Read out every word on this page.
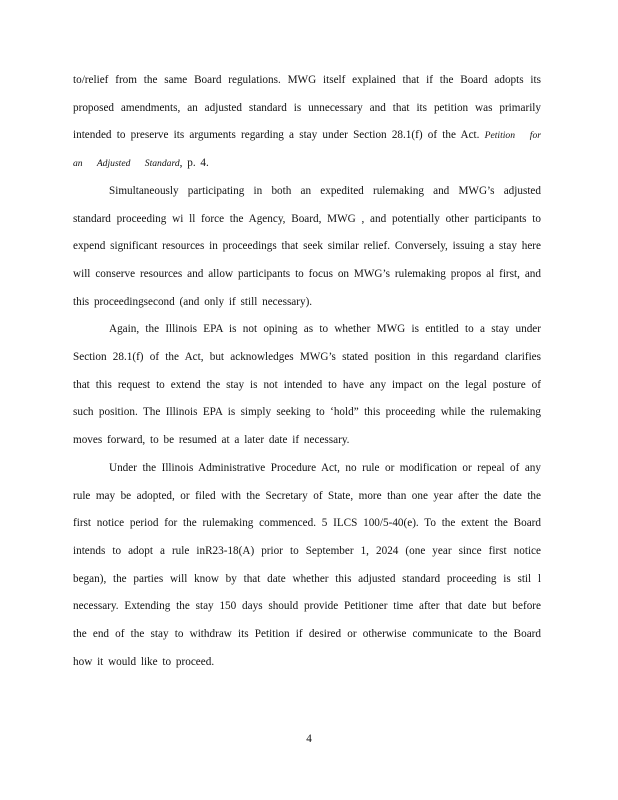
to/relief from the same Board regulations. MWG itself explained that if the Board adopts its proposed amendments, an adjusted standard is unnecessary and that its petition was primarily intended to preserve its arguments regarding a stay under Section 28.1(f) of the Act. Petition for an Adjusted Standard, p. 4.

Simultaneously participating in both an expedited rulemaking and MWG’s adjusted standard proceeding wi ll force the Agency, Board, MWG , and potentially other participants to expend significant resources in proceedings that seek similar relief. Conversely, issuing a stay here will conserve resources and allow participants to focus on MWG’s rulemaking propos al first, and this proceedingsecond (and only if still necessary).

Again, the Illinois EPA is not opining as to whether MWG is entitled to a stay under Section 28.1(f) of the Act, but acknowledges MWG’s stated position in this regardand clarifies that this request to extend the stay is not intended to have any impact on the legal posture of such position. The Illinois EPA is simply seeking to ‘hold” this proceeding while the rulemaking moves forward, to be resumed at a later date if necessary.

Under the Illinois Administrative Procedure Act, no rule or modification or repeal of any rule may be adopted, or filed with the Secretary of State, more than one year after the date the first notice period for the rulemaking commenced. 5 ILCS 100/5-40(e). To the extent the Board intends to adopt a rule inR23-18(A) prior to September 1, 2024 (one year since first notice began), the parties will know by that date whether this adjusted standard proceeding is stil l necessary. Extending the stay 150 days should provide Petitioner time after that date but before the end of the stay to withdraw its Petition if desired or otherwise communicate to the Board how it would like to proceed.

4
